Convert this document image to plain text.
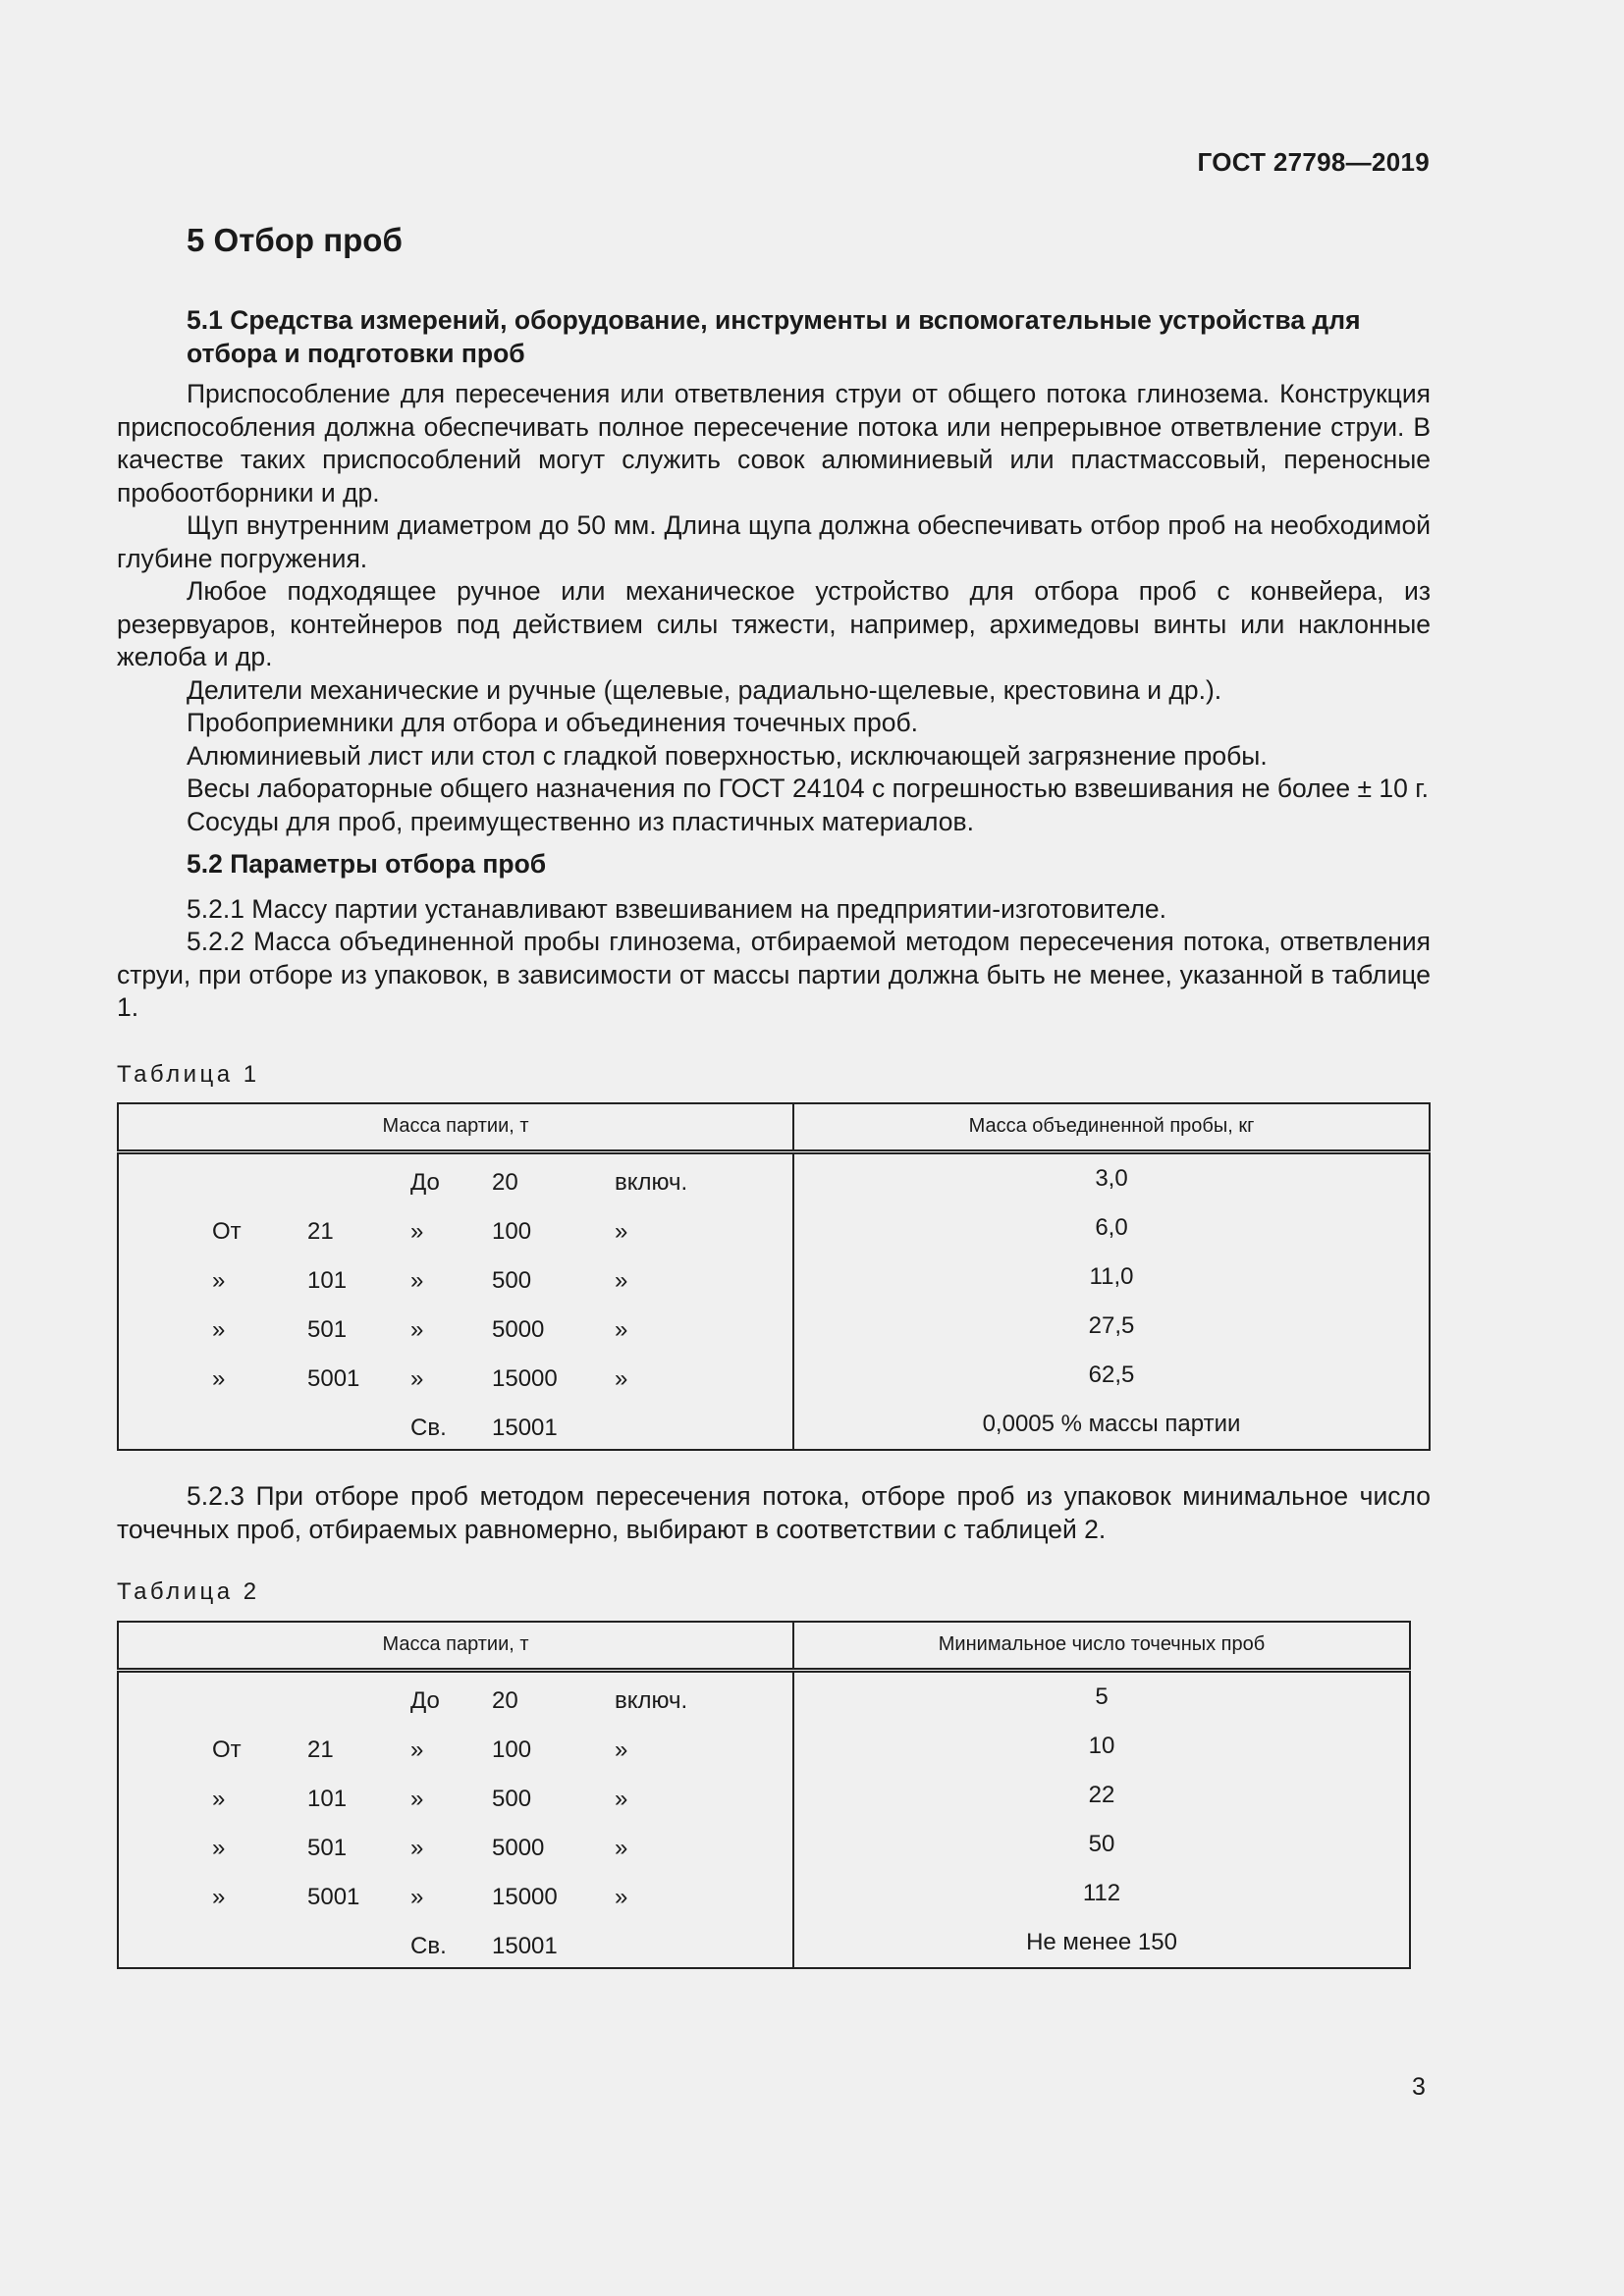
ГОСТ 27798—2019
5 Отбор проб

5.1 Средства измерений, оборудование, инструменты и вспомогательные устройства для отбора и подготовки проб

Приспособление для пересечения или ответвления струи от общего потока глинозема. Конструкция приспособления должна обеспечивать полное пересечение потока или непрерывное ответвление струи. В качестве таких приспособлений могут служить совок алюминиевый или пластмассовый, переносные пробоотборники и др.

Щуп внутренним диаметром до 50 мм. Длина щупа должна обеспечивать отбор проб на необходимой глубине погружения.

Любое подходящее ручное или механическое устройство для отбора проб с конвейера, из резервуаров, контейнеров под действием силы тяжести, например, архимедовы винты или наклонные желоба и др.

Делители механические и ручные (щелевые, радиально-щелевые, крестовина и др.).

Пробоприемники для отбора и объединения точечных проб.

Алюминиевый лист или стол с гладкой поверхностью, исключающей загрязнение пробы.

Весы лабораторные общего назначения по ГОСТ 24104 с погрешностью взвешивания не более ± 10 г.

Сосуды для проб, преимущественно из пластичных материалов.

5.2 Параметры отбора проб

5.2.1 Массу партии устанавливают взвешиванием на предприятии-изготовителе.

5.2.2 Масса объединенной пробы глинозема, отбираемой методом пересечения потока, ответвления струи, при отборе из упаковок, в зависимости от массы партии должна быть не менее, указанной в таблице 1.

Таблица 1

Масса партии, т	Масса объединенной пробы, кг

До 20 включ.	3,0

От 21 » 100 »	6,0

» 101 » 500 »	11,0

» 501 » 5000 »	27,5

» 5001 » 15000 »	62,5

Св. 15001	0,0005 % массы партии

5.2.3 При отборе проб методом пересечения потока, отборе проб из упаковок минимальное число точечных проб, отбираемых равномерно, выбирают в соответствии с таблицей 2.

Таблица 2

Масса партии, т	Минимальное число точечных проб

До 20 включ.	5

От 21 » 100 »	10

» 101 » 500 »	22

» 501 » 5000 »	50

» 5001 » 15000 »	112

Св. 15001	Не менее 150
3
